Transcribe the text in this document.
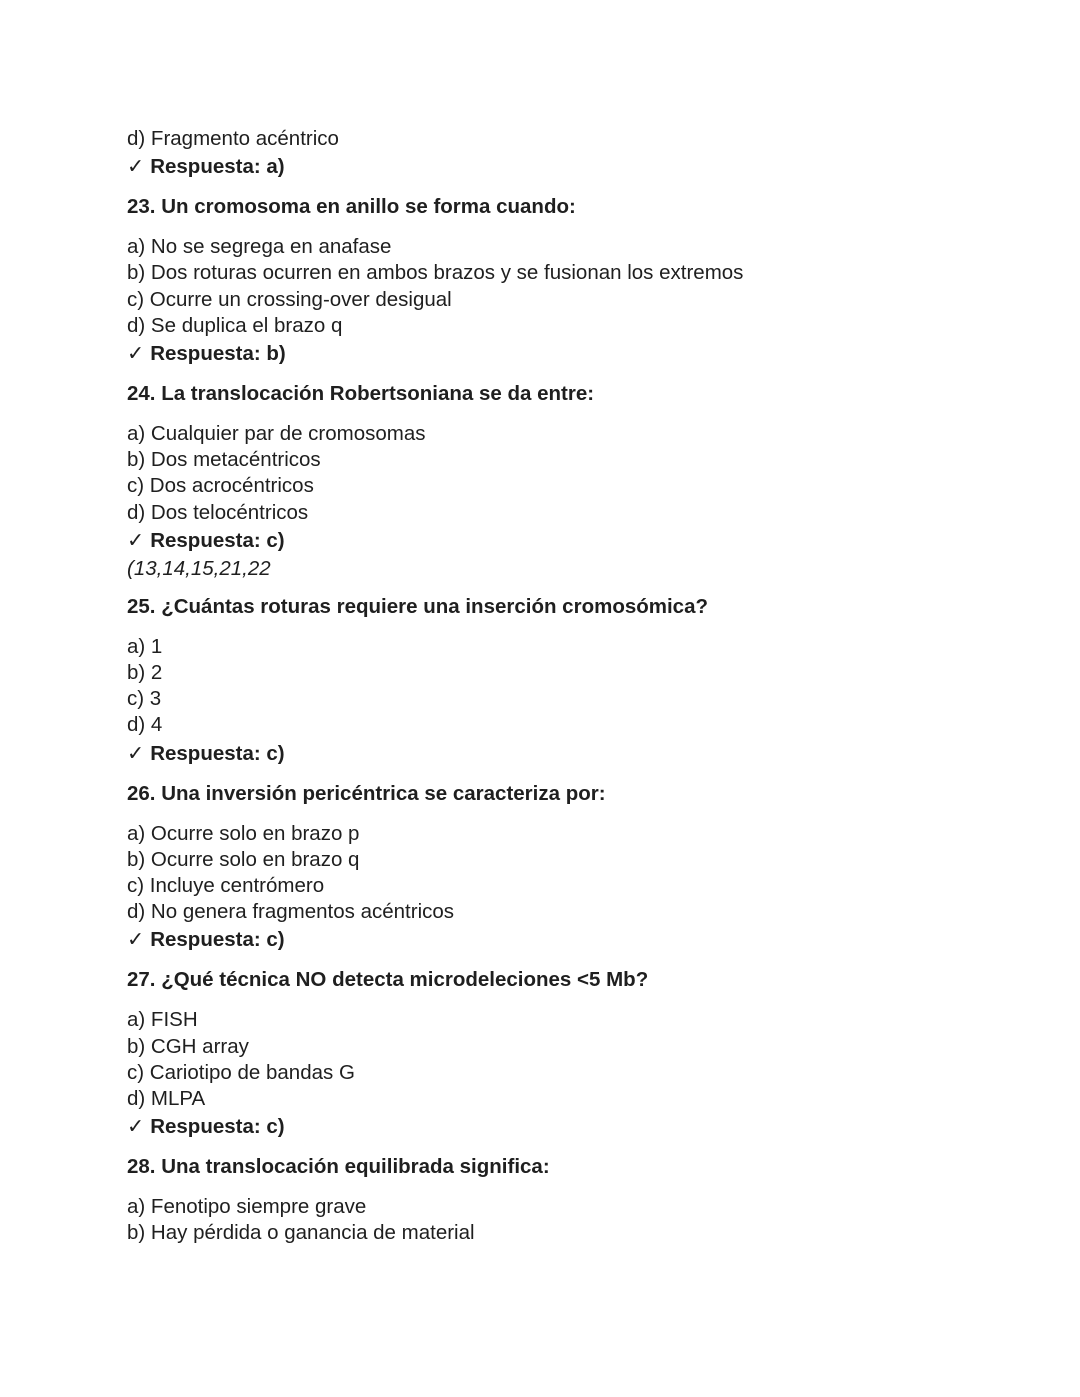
d) Fragmento acéntrico
✓ Respuesta: a)
23. Un cromosoma en anillo se forma cuando:
a) No se segrega en anafase
b) Dos roturas ocurren en ambos brazos y se fusionan los extremos
c) Ocurre un crossing-over desigual
d) Se duplica el brazo q
✓ Respuesta: b)
24. La translocación Robertsoniana se da entre:
a) Cualquier par de cromosomas
b) Dos metacéntricos
c) Dos acrocéntricos
d) Dos telocéntricos
✓ Respuesta: c)
(13,14,15,21,22
25. ¿Cuántas roturas requiere una inserción cromosómica?
a) 1
b) 2
c) 3
d) 4
✓ Respuesta: c)
26. Una inversión pericéntrica se caracteriza por:
a) Ocurre solo en brazo p
b) Ocurre solo en brazo q
c) Incluye centrómero
d) No genera fragmentos acéntricos
✓ Respuesta: c)
27. ¿Qué técnica NO detecta microdeleciones <5 Mb?
a) FISH
b) CGH array
c) Cariotipo de bandas G
d) MLPA
✓ Respuesta: c)
28. Una translocación equilibrada significa:
a) Fenotipo siempre grave
b) Hay pérdida o ganancia de material
